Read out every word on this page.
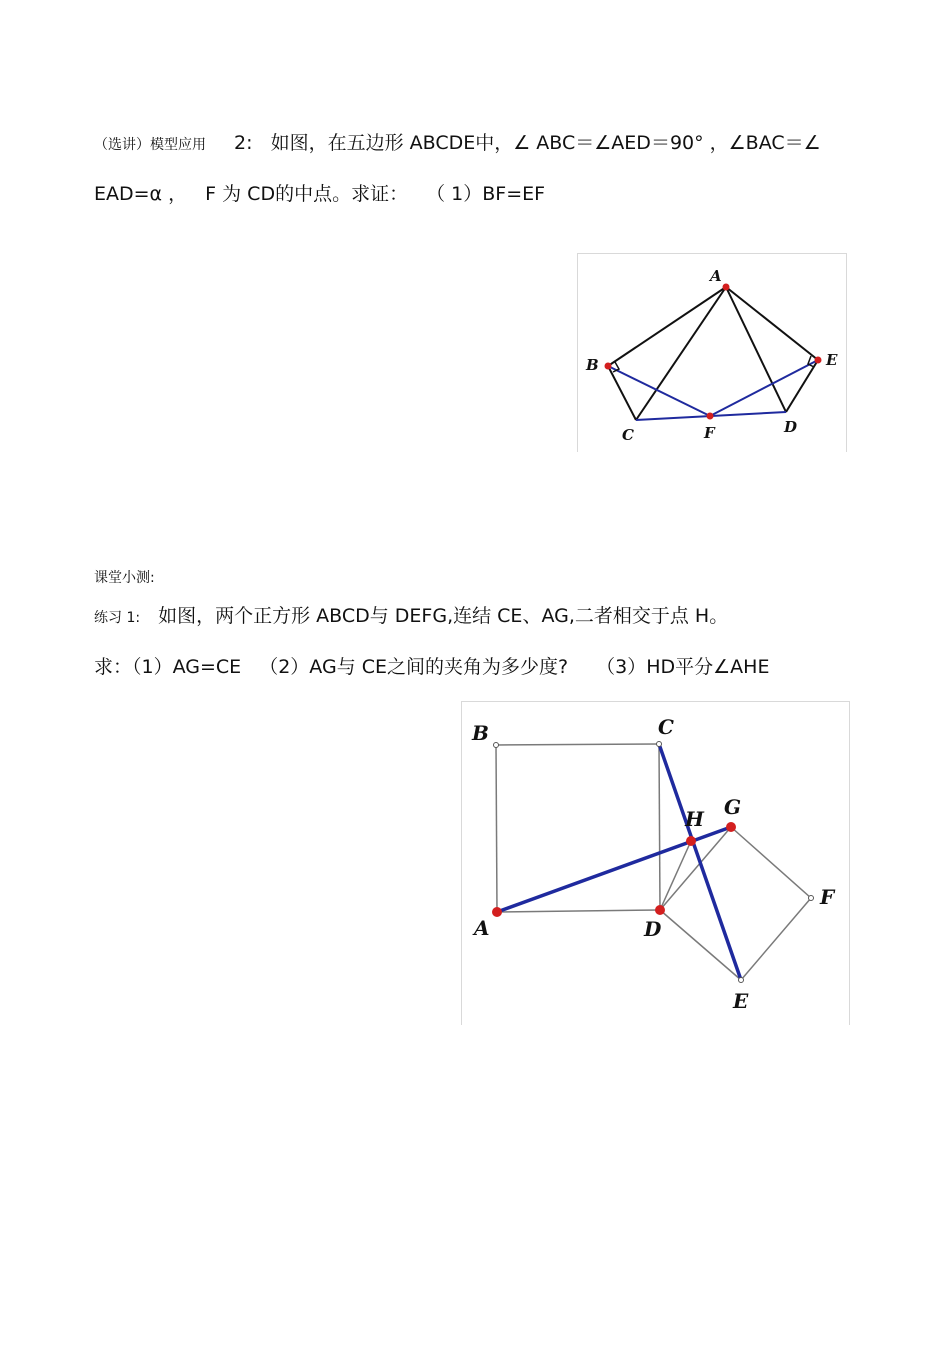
（选讲）模型应用 2: 如图，在五边形 ABCDE中，∠ ABC＝∠AED＝90° ，∠BAC＝∠
EAD=α ， F 为 CD的中点。求证： （ 1）BF=EF
A
B
C	F	D
E
课堂小测:
练习 1: 如图，两个正方形 ABCD与 DEFG,连结 CE、AG,二者相交于点 H。
求：（1）AG=CE （2）AG与 CE之间的夹角为多少度? （3）HD平分∠AHE
B	C
H G
F
A	D
E
